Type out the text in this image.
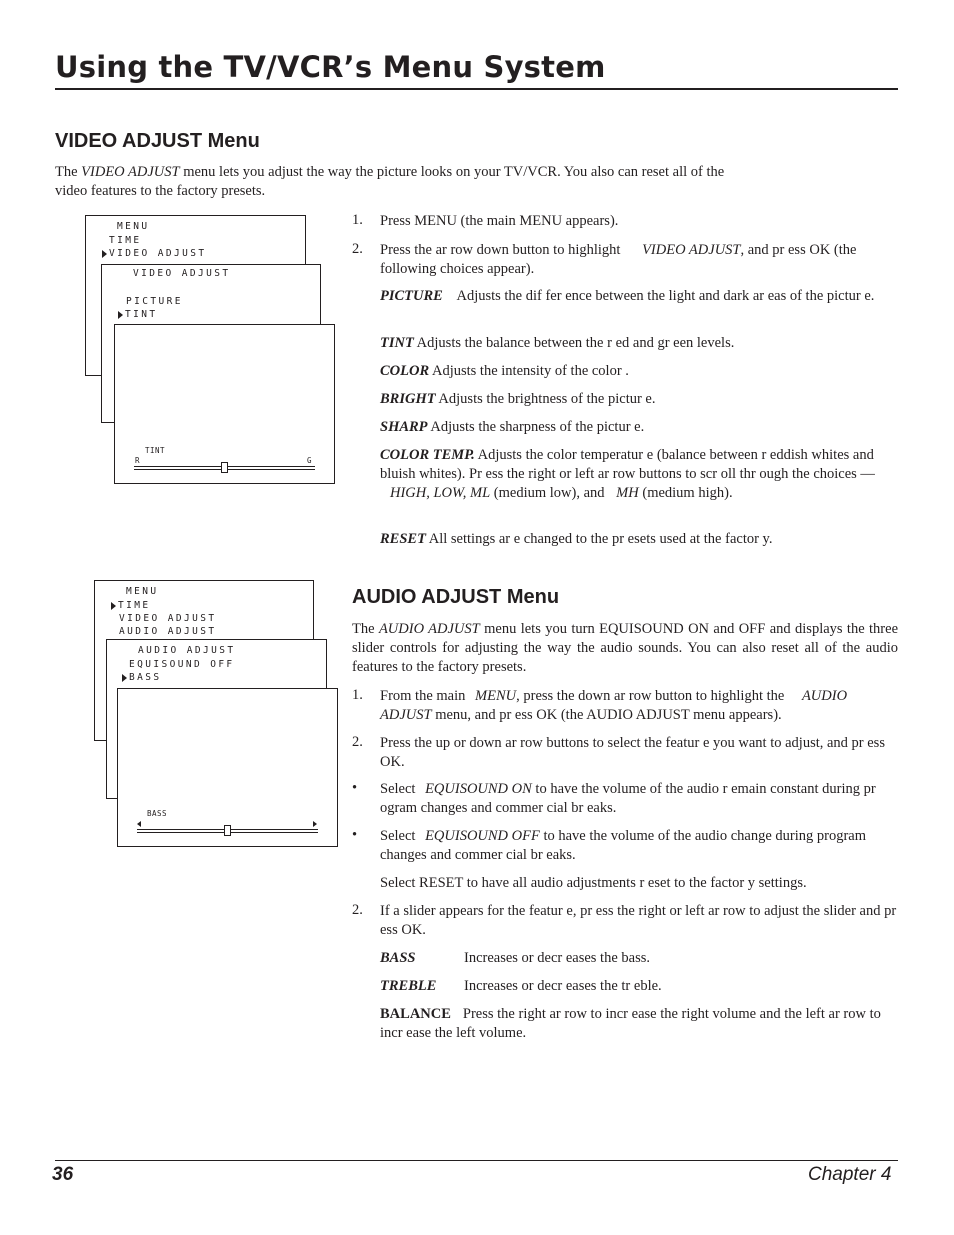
Using the TV/VCR’s Menu System
VIDEO ADJUST Menu
The VIDEO ADJUST menu lets you adjust the way the picture looks on your TV/VCR. You also can reset all of the video features to the factory presets.
MENU
TIME
VIDEO ADJUST
VIDEO ADJUST
PICTURE
TINT
TINT
R	G
1. Press MENU (the main MENU appears).
2. Press the ar row down button to highlight VIDEO ADJUST, and pr ess OK (the following choices appear).
PICTURE Adjusts the dif fer ence between the light and dark ar eas of the pictur e.
TINT Adjusts the balance between the r ed and gr een levels.
COLOR Adjusts the intensity of the color .
BRIGHT Adjusts the brightness of the pictur e.
SHARP Adjusts the sharpness of the pictur e.
COLOR TEMP. Adjusts the color temperatur e (balance between r eddish whites and bluish whites). Pr ess the right or left ar row buttons to scr oll thr ough the choices — HIGH, LOW, ML (medium low), and MH (medium high).
RESET All settings ar e changed to the pr esets used at the factor y.
MENU
TIME
VIDEO ADJUST
AUDIO ADJUST
AUDIO ADJUST
EQUISOUND OFF
BASS
BASS
AUDIO ADJUST Menu
The AUDIO ADJUST menu lets you turn EQUISOUND ON and OFF and displays the three slider controls for adjusting the way the audio sounds. You can also reset all of the audio features to the factory presets.
1. From the main MENU, press the down ar row button to highlight the AUDIO ADJUST menu, and pr ess OK (the AUDIO ADJUST menu appears).
2. Press the up or down ar row buttons to select the featur e you want to adjust, and pr ess OK.
• Select EQUISOUND ON to have the volume of the audio r emain constant during pr ogram changes and commer cial br eaks.
• Select EQUISOUND OFF to have the volume of the audio change during program changes and commer cial br eaks.
Select RESET to have all audio adjustments r eset to the factor y settings.
2. If a slider appears for the featur e, pr ess the right or left ar row to adjust the slider and pr ess OK.
BASS	Increases or decr eases the bass.
TREBLE Increases or decr eases the tr eble.
BALANCE Press the right ar row to incr ease the right volume and the left ar row to incr ease the left volume.
36	Chapter 4
